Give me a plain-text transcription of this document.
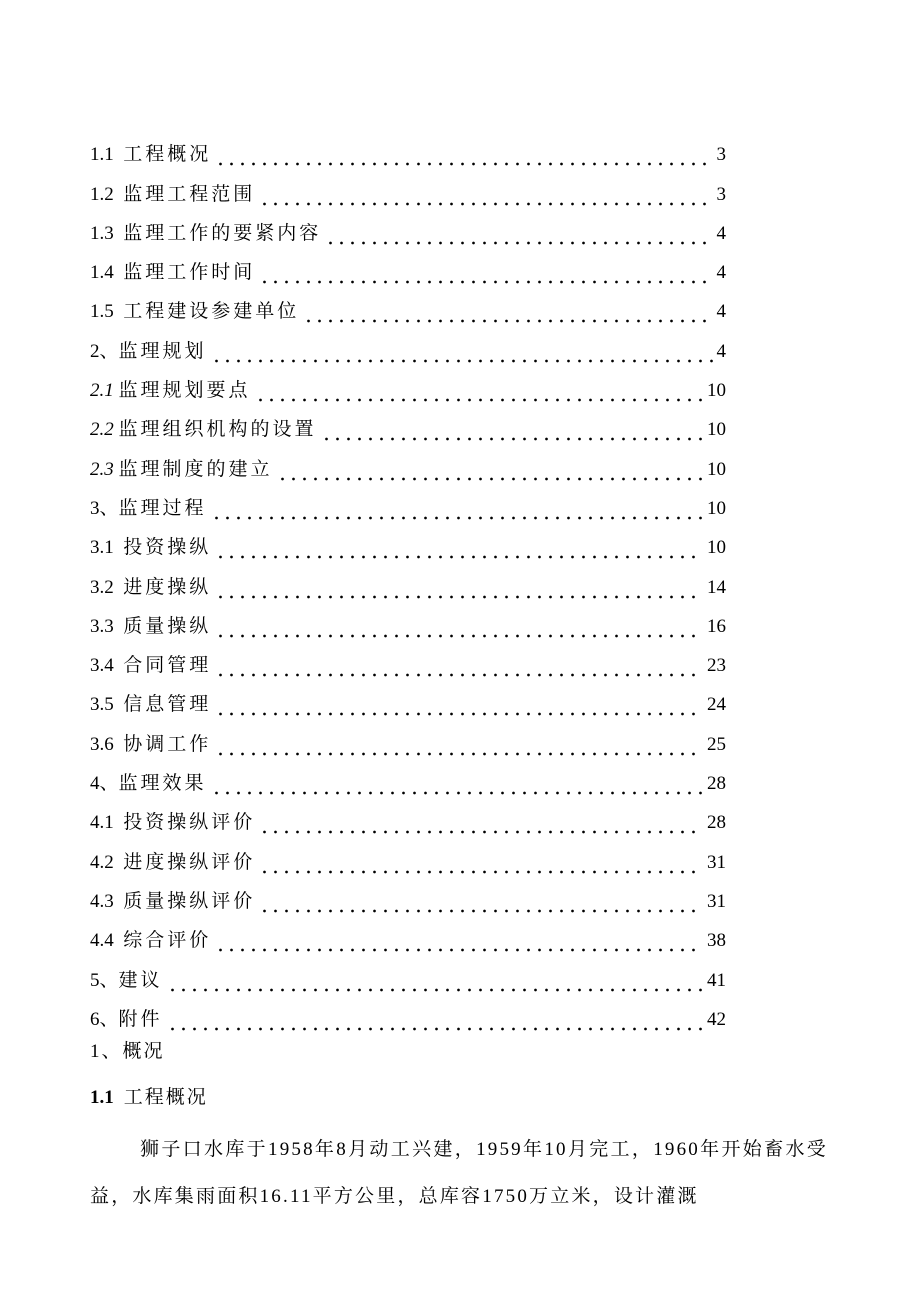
1.1 工程概况	3
1.2 监理工程范围	3
1.3 监理工作的要紧内容	4
1.4 监理工作时间	4
1.5 工程建设参建单位	4
2、 监理规划	4
2.1 监理规划要点	10
2.2 监理组织机构的设置	10
2.3 监理制度的建立	10
3、 监理过程	10
3.1 投资操纵	10
3.2 进度操纵	14
3.3 质量操纵	16
3.4 合同管理	23
3.5 信息管理	24
3.6 协调工作	25
4、 监理效果	28
4.1 投资操纵评价	28
4.2 进度操纵评价	31
4.3 质量操纵评价	31
4.4 综合评价	38
5、 建议	41
6、 附件	42
1、概况
1.1 工程概况
狮子口水库于1958年8月动工兴建，1959年10月完工，1960年开始畜水受益，水库集雨面积16.11平方公里，总库容1750万立米，设计灌溉
